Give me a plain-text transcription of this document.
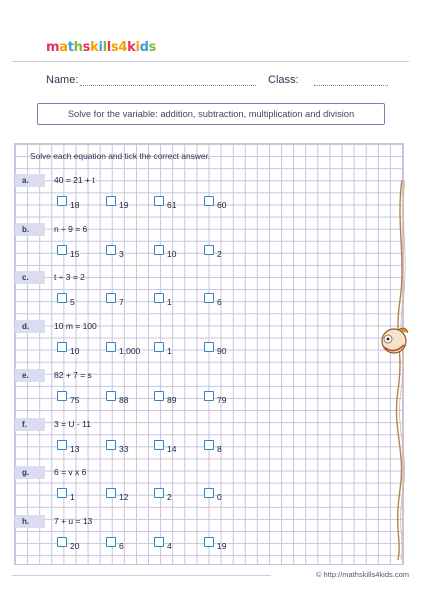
mathskills 4 kids
Name:	Class:
Solve for the variable: addition, subtraction, multiplication and division
Solve each equation and tick the correct answer.
a.	40 = 21 + t
18	19	61	60
b.	n ÷ 9 = 6
15	3	10	2
c.	t ÷ 3 = 2
5	7	1	6
d.	10 m = 100
10	1,000	1	90
e.	82 + 7 = s
75	88	89	79
f.	3 = U - 11
13	33	14	8
g.	6 = v x 6
1	12	2	0
h.	7 + u = 13
20	6	4	19
© http://mathskills4kids.com
